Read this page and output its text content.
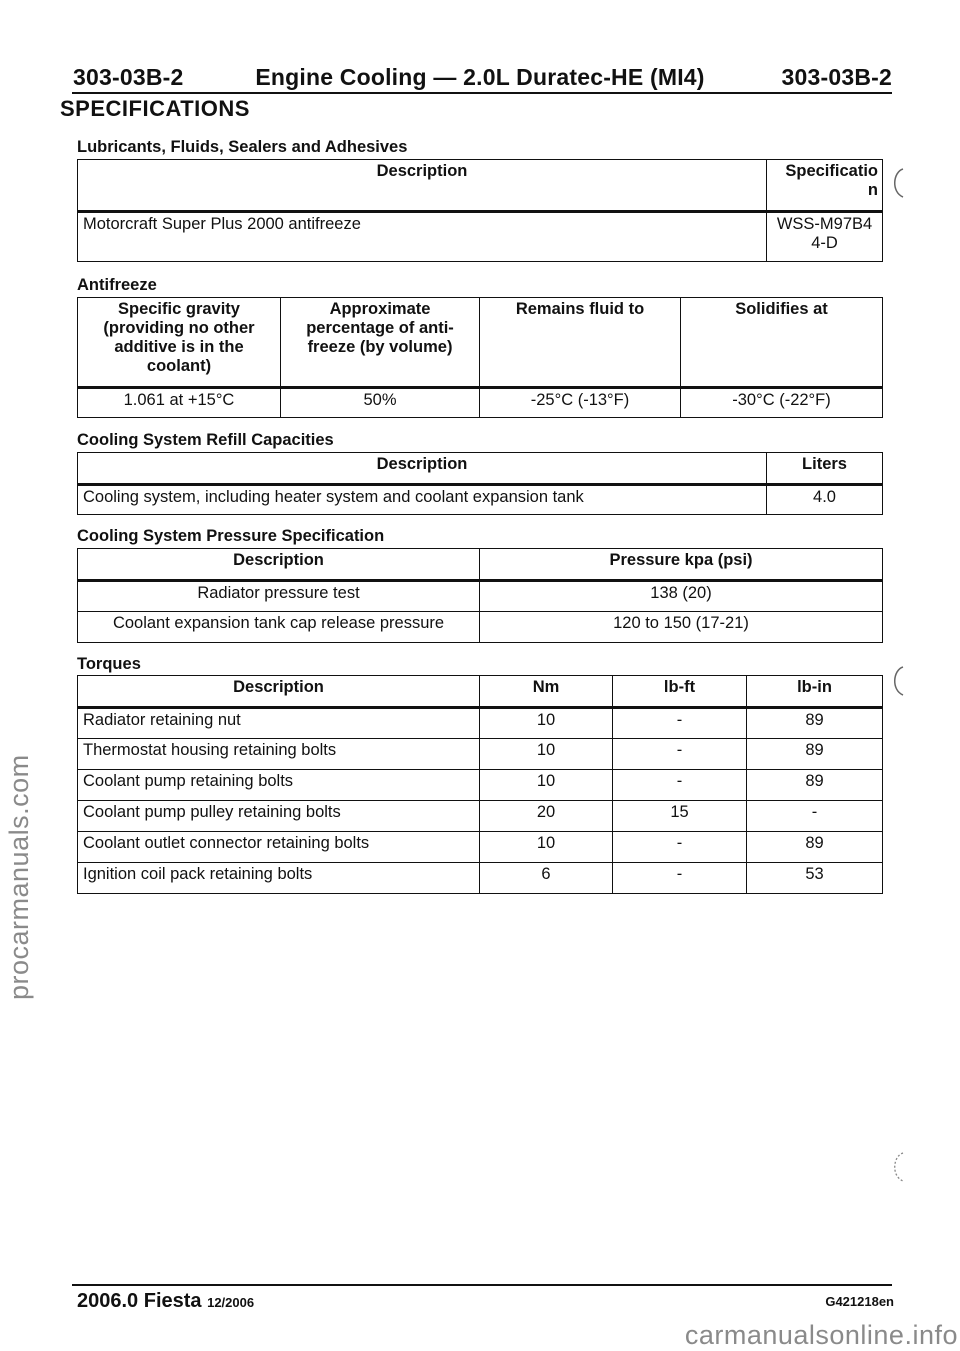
303-03B-2	Engine Cooling — 2.0L Duratec-HE (MI4)	303-03B-2
SPECIFICATIONS
Lubricants, Fluids, Sealers and Adhesives
Description	Specificatio
n
Motorcraft Super Plus 2000 antifreeze	WSS-M97B4
4-D
Antifreeze
Specific gravity (providing no other additive is in the coolant)	Approximate percentage of anti-freeze (by volume)	Remains fluid to	Solidifies at
1.061 at +15°C	50%	-25°C (-13°F)	-30°C (-22°F)
Cooling System Refill Capacities
Description	Liters
Cooling system, including heater system and coolant expansion tank	4.0
Cooling System Pressure Specification
Description	Pressure kpa (psi)
Radiator pressure test	138 (20)
Coolant expansion tank cap release pressure	120 to 150 (17-21)
Torques
Description	Nm	lb-ft	lb-in
Radiator retaining nut	10	-	89
Thermostat housing retaining bolts	10	-	89
Coolant pump retaining bolts	10	-	89
Coolant pump pulley retaining bolts	20	15	-
Coolant outlet connector retaining bolts	10	-	89
Ignition coil pack retaining bolts	6	-	53
procarmanuals.com
2006.0 Fiesta 12/2006	G421218en
carmanualsonline.info
